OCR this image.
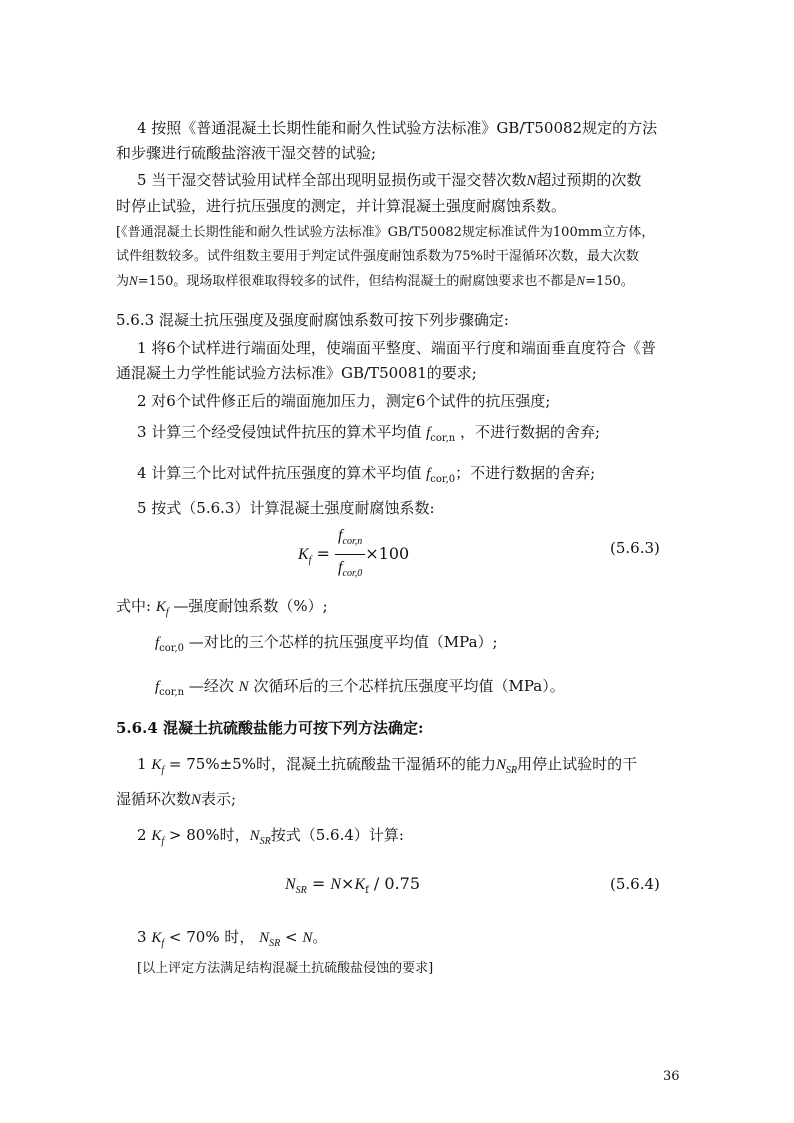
4 按照《普通混凝土长期性能和耐久性试验方法标准》GB/T50082规定的方法
和步骤进行硫酸盐溶液干湿交替的试验;
5 当干湿交替试验用试样全部出现明显损伤或干湿交替次数N超过预期的次数
时停止试验，进行抗压强度的测定，并计算混凝土强度耐腐蚀系数。
[《普通混凝土长期性能和耐久性试验方法标准》GB/T50082规定标准试件为100mm立方体，
试件组数较多。试件组数主要用于判定试件强度耐蚀系数为75%时干湿循环次数，最大次数
为N=150。现场取样很难取得较多的试件，但结构混凝土的耐腐蚀要求也不都是N=150。
5.6.3 混凝土抗压强度及强度耐腐蚀系数可按下列步骤确定:
1 将6个试样进行端面处理，使端面平整度、端面平行度和端面垂直度符合《普
通混凝土力学性能试验方法标准》GB/T50081的要求;
2 对6个试件修正后的端面施加压力，测定6个试件的抗压强度;
3 计算三个经受侵蚀试件抗压的算术平均值 $f_{cor,n}$ ，不进行数据的舍弃;
4 计算三个比对试件抗压强度的算术平均值 $f_{cor,0}$；不进行数据的舍弃;
5 按式（5.6.3）计算混凝土强度耐腐蚀系数:
$K_f = \frac{f_{cor,n}}{f_{cor,0}} \times 100$	(5.6.3)
式中: $K_f$ —强度耐蚀系数（%）;
$f_{cor,0}$ —对比的三个芯样的抗压强度平均值（MPa）;
$f_{cor,n}$ —经次 N 次循环后的三个芯样抗压强度平均值（MPa）。
5.6.4 混凝土抗硫酸盐能力可按下列方法确定:
1 $K_f = 75\%\pm 5\%$时，混凝土抗硫酸盐干湿循环的能力$N_{SR}$用停止试验时的干
湿循环次数N表示;
2 $K_f > 80\%$时，$N_{SR}$按式（5.6.4）计算:
$N_{SR} = N\times K_f / 0.75$	(5.6.4)
3 $K_f < 70\%$ 时， $N_{SR} < N$。
[以上评定方法满足结构混凝土抗硫酸盐侵蚀的要求]
36
